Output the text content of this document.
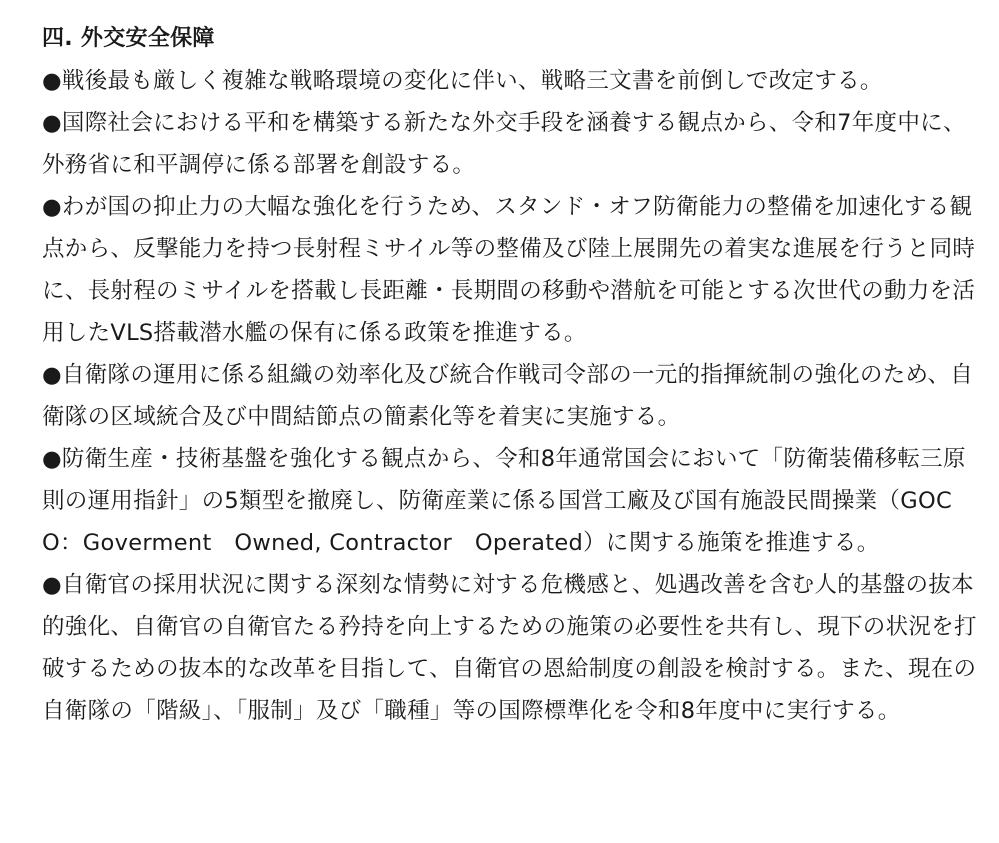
四. 外交安全保障

●戦後最も厳しく複雑な戦略環境の変化に伴い、戦略三文書を前倒しで改定する。

●国際社会における平和を構築する新たな外交手段を涵養する観点から、令和7年度中に、外務省に和平調停に係る部署を創設する。

●わが国の抑止力の大幅な強化を行うため、スタンド・オフ防衛能力の整備を加速化する観点から、反撃能力を持つ長射程ミサイル等の整備及び陸上展開先の着実な進展を行うと同時に、長射程のミサイルを搭載し長距離・長期間の移動や潜航を可能とする次世代の動力を活用したVLS搭載潜水艦の保有に係る政策を推進する。

●自衛隊の運用に係る組織の効率化及び統合作戦司令部の一元的指揮統制の強化のため、自衛隊の区域統合及び中間結節点の簡素化等を着実に実施する。

●防衛生産・技術基盤を強化する観点から、令和8年通常国会において「防衛装備移転三原則の運用指針」の5類型を撤廃し、防衛産業に係る国営工廠及び国有施設民間操業（GOCO：Goverment　Owned, Contractor　Operated）に関する施策を推進する。

●自衛官の採用状況に関する深刻な情勢に対する危機感と、処遇改善を含む人的基盤の抜本的強化、自衛官の自衛官たる矜持を向上するための施策の必要性を共有し、現下の状況を打破するための抜本的な改革を目指して、自衛官の恩給制度の創設を検討する。また、現在の自衛隊の「階級」、「服制」及び「職種」等の国際標準化を令和8年度中に実行する。
